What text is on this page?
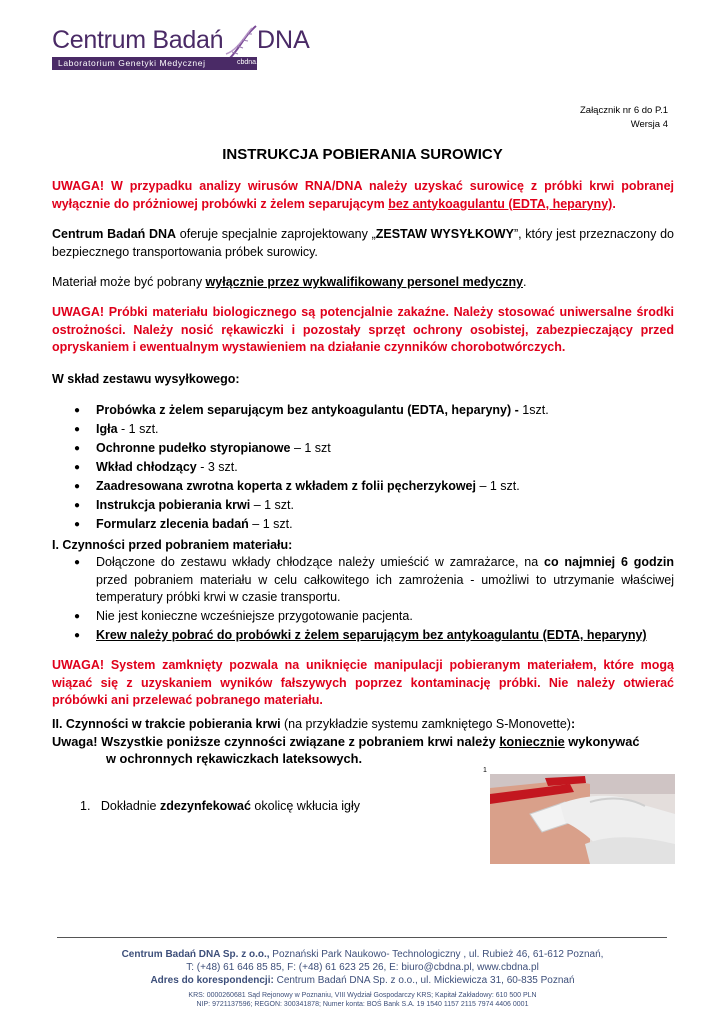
Centrum Badań DNA
Laboratorium Genetyki Medycznej	cbdna.pl
Załącznik nr 6 do P.1
Wersja 4
INSTRUKCJA POBIERANIA SUROWICY
UWAGA! W przypadku analizy wirusów RNA/DNA należy uzyskać surowicę z próbki krwi pobranej wyłącznie do próżniowej probówki z żelem separującym bez antykoagulantu (EDTA, heparyny).
Centrum Badań DNA oferuje specjalnie zaprojektowany „ZESTAW WYSYŁKOWY”, który jest przeznaczony do bezpiecznego transportowania próbek surowicy.
Materiał może być pobrany wyłącznie przez wykwalifikowany personel medyczny.
UWAGA! Próbki materiału biologicznego są potencjalnie zakaźne. Należy stosować uniwersalne środki ostrożności. Należy nosić rękawiczki i pozostały sprzęt ochrony osobistej, zabezpieczający przed opryskaniem i ewentualnym wystawieniem na działanie czynników chorobotwórczych.
W skład zestawu wysyłkowego:
● Probówka z żelem separującym bez antykoagulantu (EDTA, heparyny) - 1szt.
● Igła - 1 szt.
● Ochronne pudełko styropianowe – 1 szt
● Wkład chłodzący - 3 szt.
● Zaadresowana zwrotna koperta z wkładem z folii pęcherzykowej – 1 szt.
● Instrukcja pobierania krwi – 1 szt.
● Formularz zlecenia badań – 1 szt.
I. Czynności przed pobraniem materiału:
● Dołączone do zestawu wkłady chłodzące należy umieścić w zamrażarce, na co najmniej 6 godzin przed pobraniem materiału w celu całkowitego ich zamrożenia - umożliwi to utrzymanie właściwej temperatury próbki krwi w czasie transportu.
● Nie jest konieczne wcześniejsze przygotowanie pacjenta.
● Krew należy pobrać do probówki z żelem separującym bez antykoagulantu (EDTA, heparyny)
UWAGA! System zamknięty pozwala na uniknięcie manipulacji pobieranym materiałem, które mogą wiązać się z uzyskaniem wyników fałszywych poprzez kontaminację próbki. Nie należy otwierać próbówki ani przelewać pobranego materiału.
II. Czynności w trakcie pobierania krwi (na przykładzie systemu zamkniętego S-Monovette):
Uwaga! Wszystkie poniższe czynności związane z pobraniem krwi należy koniecznie wykonywać
w ochronnych rękawiczkach lateksowych.
1. Dokładnie zdezynfekować okolicę wkłucia igły
1
Centrum Badań DNA Sp. z o.o., Poznański Park Naukowo- Technologiczny , ul. Rubież 46, 61-612 Poznań,
T: (+48) 61 646 85 85, F: (+48) 61 623 25 26, E: biuro@cbdna.pl, www.cbdna.pl
Adres do korespondencji: Centrum Badań DNA Sp. z o.o., ul. Mickiewicza 31, 60-835 Poznań
KRS: 0000260681 Sąd Rejonowy w Poznaniu, VIII Wydział Gospodarczy KRS; Kapitał Zakładowy: 610 500 PLN
NIP: 9721137596; REGON: 300341878; Numer konta: BOŚ Bank S.A. 19 1540 1157 2115 7974 4406 0001
